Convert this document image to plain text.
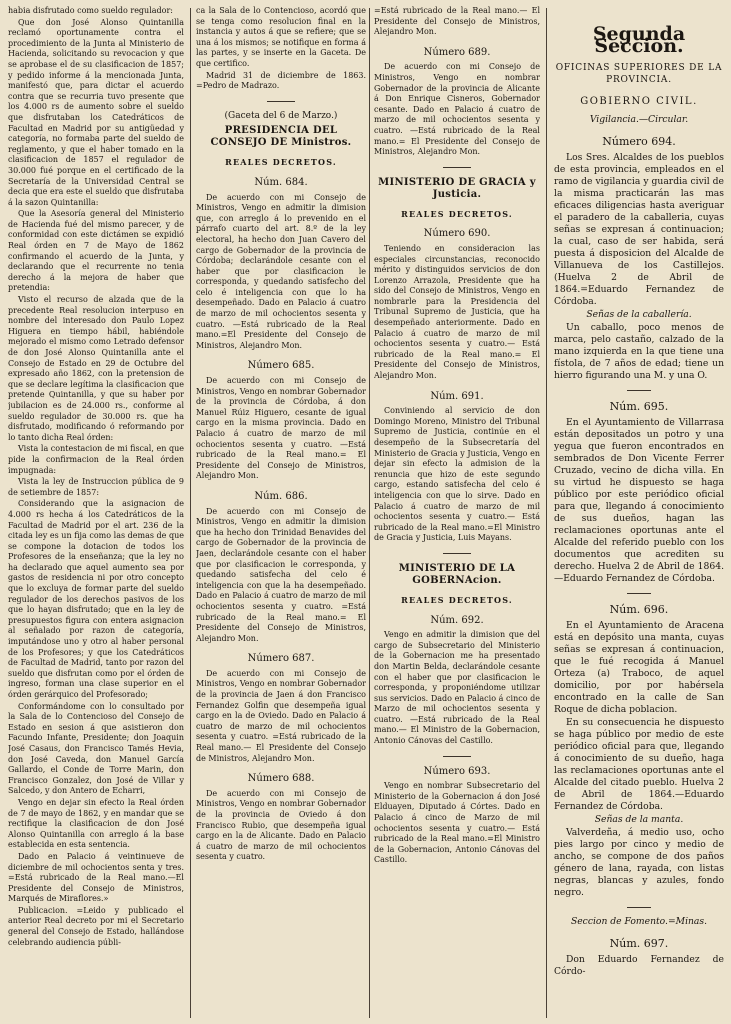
habia disfrutado como sueldo regulador:

Que don José Alonso Quintanilla reclamó oportunamente contra el procedimiento de la Junta al Ministerio de Hacienda, solicitando su revocacion y que se aprobase el de su clasificacion de 1857; y pedido informe á la mencionada Junta, manifestó que, para dictar el acuerdo contra que se recurria tuvo presente que los 4.000 rs de aumento sobre el sueldo que disfrutaban los Catedráticos de Facultad en Madrid por su antigüedad y categoría, no formaba parte del sueldo de reglamento, y que el haber tomado en la clasificacion de 1857 el regulador de 30.000 fué porque en el certificado de la Secretaría de la Universidad Central se decia que era este el sueldo que disfrutaba á la sazon Quintanilla:

Que la Asesoría general del Ministerio de Hacienda fué del mismo parecer, y de conformidad con este dictámen se expidió Real órden en 7 de Mayo de 1862 confirmando el acuerdo de la Junta, y declarando que el recurrente no tenia derecho á la mejora de haber que pretendia:

Visto el recurso de alzada que de la precedente Real resolucion interpuso en nombre del interesado don Paulo Lopez Higuera en tiempo hábil, habiéndole mejorado el mismo como Letrado defensor de don José Alonso Quintanilla ante el Consejo de Estado en 29 de Octubre del expresado año 1862, con la pretension de que se declare legítima la clasificacion que pretende Quintanilla, y que su haber por jubilacion es de 24.000 rs., conforme al sueldo regulador de 30.000 rs. que ha disfrutado, modificando ó reformando por lo tanto dicha Real órden:

Vista la contestacion de mi fiscal, en que pide la confirmacion de la Real órden impugnada:

Vista la ley de Instruccion pública de 9 de setiembre de 1857:

Considerando que la asignacion de 4.000 rs hecha á los Catedráticos de la Facultad de Madrid por el art. 236 de la citada ley es un fija como las demas de que se compone la dotacion de todos los Profesores de la enseñanza; que la ley no ha declarado que aquel aumento sea por gastos de residencia ni por otro concepto que lo excluya de formar parte del sueldo regulador de los derechos pasivos de los que lo hayan disfrutado; que en la ley de presupuestos figura con entera asignacion al señalado por razon de categoría, imputándose uno y otro al haber personal de los Profesores; y que los Catedráticos de Facultad de Madrid, tanto por razon del sueldo que disfrutan como por el órden de ingreso, forman una clase superior en el órden gerárquico del Profesorado;

Conformándome con lo consultado por la Sala de lo Contencioso del Consejo de Estado en sesion á que asistieron don Facundo Infante, Presidente; don Joaquin José Casaus, don Francisco Tamés Hevia, don José Caveda, don Manuel García Gallardo, el Conde de Torre Marin, don Francisco Gonzalez, don José de Villar y Salcedo, y don Antero de Echarri,

Vengo en dejar sin efecto la Real órden de 7 de mayo de 1862, y en mandar que se rectifique la clasificacion de don José Alonso Quintanilla con arreglo á la base establecida en esta sentencia.

Dado en Palacio á veintinueve de diciembre de mil ochocientos senta y tres. =Está rubricado de la Real mano.—El Presidente del Consejo de Ministros, Marqués de Miraflores.»

Publicacion. =Leido y publicado el anterior Real decreto por mi el Secretario general del Consejo de Estado, hallándose celebrando audiencia públi-

ca la Sala de lo Contencioso, acordó que se tenga como resolucion final en la instancia y autos á que se refiere; que se una á los mismos; se notifique en forma á las partes, y se inserte en la Gaceta. De que certifico.

Madrid 31 de diciembre de 1863. =Pedro de Madrazo.

(Gaceta del 6 de Marzo.)
PRESIDENCIA DEL CONSEJO DE Ministros.
REALES DECRETOS.
Núm. 684.

De acuerdo con mi Consejo de Ministros, Vengo en admitir la dimision que, con arreglo á lo prevenido en el párrafo cuarto del art. 8.º de la ley electoral, ha hecho don Juan Cavero del cargo de Gobernador de la provincia de Córdoba; declarándole cesante con el haber que por clasificacion le corresponda, y quedando satisfecho del celo é inteligencia con que lo ha desempeñado. Dado en Palacio á cuatro de marzo de mil ochocientos sesenta y cuatro. —Está rubricado de la Real mano.=El Presidente del Consejo de Ministros, Alejandro Mon.

Número 685.

De acuerdo con mi Consejo de Ministros, Vengo en nombrar Gobernador de la provincia de Córdoba, á don Manuel Rúiz Higuero, cesante de igual cargo en la misma provincia. Dado en Palacio á cuatro de marzo de mil ochocientos sesenta y cuatro. —Está rubricado de la Real mano.= El Presidente del Consejo de Ministros, Alejandro Mon.

Núm. 686.

De acuerdo con mi Consejo de Ministros, Vengo en admitir la dimision que ha hecho don Trinidad Benavides del cargo de Gobernador de la provincia de Jaen, declarándole cesante con el haber que por clasificacion le corresponda, y quedando satisfecha del celo é inteligencia con que la ha desempeñado. Dado en Palacio á cuatro de marzo de mil ochocientos sesenta y cuatro. =Está rubricado de la Real mano.= El Presidente del Consejo de Ministros, Alejandro Mon.

Número 687.

De acuerdo con mi Consejo de Ministros, Vengo en nombrar Gobernador de la provincia de Jaen á don Francisco Fernandez Golfin que desempeña igual cargo en la de Oviedo. Dado en Palacio á cuatro de marzo de mil ochocientos sesenta y cuatro. =Está rubricado de la Real mano.— El Presidente del Consejo de Ministros, Alejandro Mon.

Número 688.

De acuerdo con mi Consejo de Ministros, Vengo en nombrar Gobernador de la provincia de Oviedo á don Francisco Rubio, que desempeña igual cargo en la de Alicante. Dado en Palacio á cuatro de marzo de mil ochocientos sesenta y cuatro.

=Está rubricado de la Real mano.— El Presidente del Consejo de Ministros, Alejandro Mon.

Número 689.

De acuerdo con mi Consejo de Ministros, Vengo en nombrar Gobernador de la provincia de Alicante á Don Enrique Cisneros, Gobernador cesante. Dado en Palacio á cuatro de marzo de mil ochocientos sesenta y cuatro. —Está rubricado de la Real mano.= El Presidente del Consejo de Ministros, Alejandro Mon.

MINISTERIO DE GRACIA y Justicia.
REALES DECRETOS.
Número 690.

Teniendo en consideracion las especiales circunstancias, reconocido mérito y distinguidos servicios de don Lorenzo Arrazola, Presidente que ha sido del Consejo de Ministros, Vengo en nombrarle para la Presidencia del Tribunal Supremo de Justicia, que ha desempeñado anteriormente. Dado en Palacio á cuatro de marzo de mil ochocientos sesenta y cuatro.— Está rubricado de la Real mano.= El Presidente del Consejo de Ministros, Alejandro Mon.

Núm. 691.

Conviniendo al servicio de don Domingo Moreno, Ministro del Tribunal Supremo de Justicia, continúe en el desempeño de la Subsecretaría del Ministerio de Gracia y Justicia, Vengo en dejar sin efecto la admision de la renuncia que hizo de este segundo cargo, estando satisfecha del celo é inteligencia con que lo sirve. Dado en Palacio á cuatro de marzo de mil ochocientos sesenta y cuatro.— Está rubricado de la Real mano.=El Ministro de Gracia y Justicia, Luis Mayans.

MINISTERIO DE LA GOBERNAcion.
REALES DECRETOS.
Núm. 692.

Vengo en admitir la dimision que del cargo de Subsecretario del Ministerio de la Gobernacion me ha presentado don Martin Belda, declarándole cesante con el haber que por clasificacion le corresponda, y proponiéndome utilizar sus servicios. Dado en Palacio á cinco de Marzo de mil ochocientos sesenta y cuatro. —Está rubricado de la Real mano.— El Ministro de la Gobernacion, Antonio Cánovas del Castillo.

Número 693.

Vengo en nombrar Subsecretario del Ministerio de la Gobernacion á don José Elduayen, Diputado á Córtes. Dado en Palacio á cinco de Marzo de mil ochocientos sesenta y cuatro.— Está rubricado de la Real mano.=El Ministro de la Gobernacion, Antonio Cánovas del Castillo.

Segunda Seccion.
OFICINAS SUPERIORES DE LA PROVINCIA.
GOBIERNO CIVIL.

Vigilancia.—Circular.

Número 694.

Los Sres. Alcaldes de los pueblos de esta provincia, empleados en el ramo de vigilancia y guardia civil de la misma practicarán las mas eficaces diligencias hasta averiguar el paradero de la caballeria, cuyas señas se expresan á continuacion; la cual, caso de ser habida, será puesta á disposicion del Alcalde de Villanueva de los Castillejos. (Huelva 2 de Abril de 1864.=Eduardo Fernandez de Córdoba.

Señas de la caballería.

Un caballo, poco menos de marca, pelo castaño, calzado de la mano izquierda en la que tiene una fístola, de 7 años de edad; tiene un hierro figurando una M. y una O.

Núm. 695.

En el Ayuntamiento de Villarrasa están depositados un potro y una yegua que fueron encontrados en sembrados de Don Vicente Ferrer Cruzado, vecino de dicha villa. En su virtud he dispuesto se haga público por este periódico oficial para que, llegando á conocimiento de sus dueños, hagan las reclamaciones oportunas ante el Alcalde del referido pueblo con los documentos que acrediten su derecho. Huelva 2 de Abril de 1864.—Eduardo Fernandez de Córdoba.

Núm. 696.

En el Ayuntamiento de Aracena está en depósito una manta, cuyas señas se expresan á continuacion, que le fué recogida á Manuel Orteza (a) Traboco, de aquel domicilio, por por habérsela encontrado en la calle de San Roque de dicha poblacion.

En su consecuencia he dispuesto se haga público por medio de este periódico oficial para que, llegando á conocimiento de su dueño, haga las reclamaciones oportunas ante el Alcalde del citado pueblo. Huelva 2 de Abril de 1864.—Eduardo Fernandez de Córdoba.

Señas de la manta.

Valverdeña, á medio uso, ocho pies largo por cinco y medio de ancho, se compone de dos paños género de lana, rayada, con listas negras, blancas y azules, fondo negro.

Seccion de Fomento.=Minas.

Núm. 697.

Don Eduardo Fernandez de Córdo-
